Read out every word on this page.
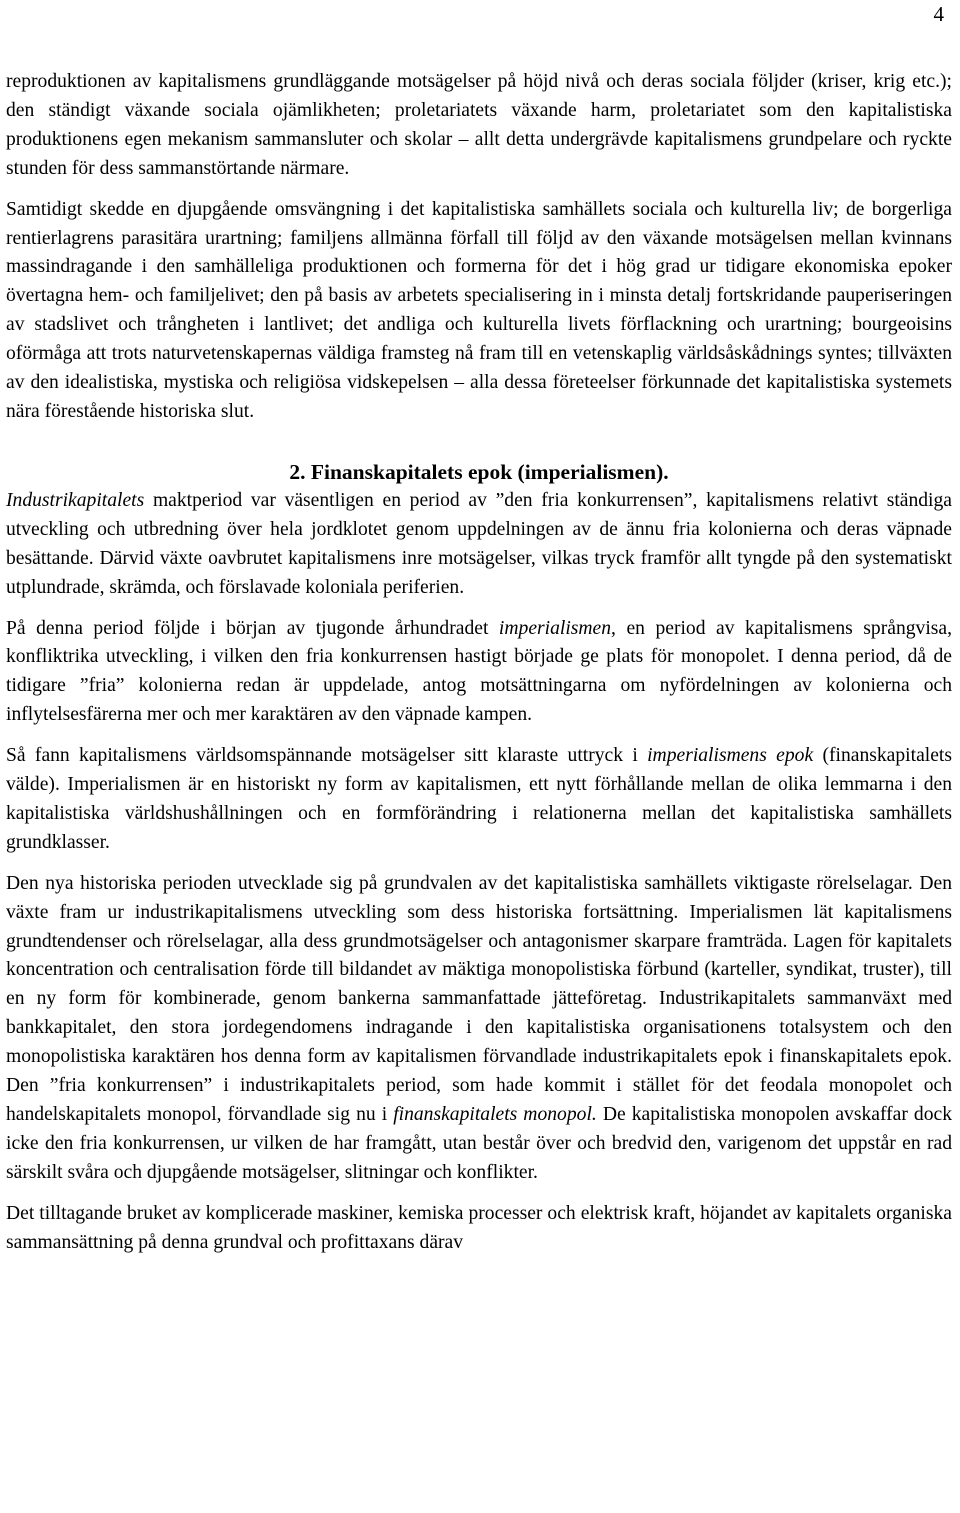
4

reproduktionen av kapitalismens grundläggande motsägelser på höjd nivå och deras sociala följder (kriser, krig etc.); den ständigt växande sociala ojämlikheten; proletariatets växande harm, proletariatet som den kapitalistiska produktionens egen mekanism sammansluter och skolar – allt detta undergrävde kapitalismens grundpelare och ryckte stunden för dess sammanstörtande närmare.

Samtidigt skedde en djupgående omsvängning i det kapitalistiska samhällets sociala och kulturella liv; de borgerliga rentierlagrens parasitära urartning; familjens allmänna förfall till följd av den växande motsägelsen mellan kvinnans massindragande i den samhälleliga produktionen och formerna för det i hög grad ur tidigare ekonomiska epoker övertagna hem- och familjelivet; den på basis av arbetets specialisering in i minsta detalj fortskridande pauperiseringen av stadslivet och trångheten i lantlivet; det andliga och kulturella livets förflackning och urartning; bourgeoisins oförmåga att trots naturvetenskapernas väldiga framsteg nå fram till en vetenskaplig världsåskådnings syntes; tillväxten av den idealistiska, mystiska och religiösa vidskepelsen – alla dessa företeelser förkunnade det kapitalistiska systemets nära förestående historiska slut.

2. Finanskapitalets epok (imperialismen).

Industrikapitalets maktperiod var väsentligen en period av ”den fria konkurrensen”, kapitalismens relativt ständiga utveckling och utbredning över hela jordklotet genom uppdelningen av de ännu fria kolonierna och deras väpnade besättande. Därvid växte oavbrutet kapitalismens inre motsägelser, vilkas tryck framför allt tyngde på den systematiskt utplundrade, skrämda, och förslavade koloniala periferien.

På denna period följde i början av tjugonde århundradet imperialismen, en period av kapitalismens språngvisa, konfliktrika utveckling, i vilken den fria konkurrensen hastigt började ge plats för monopolet. I denna period, då de tidigare ”fria” kolonierna redan är uppdelade, antog motsättningarna om nyfördelningen av kolonierna och inflytelsesfärerna mer och mer karaktären av den väpnade kampen.

Så fann kapitalismens världsomspännande motsägelser sitt klaraste uttryck i imperialismens epok (finanskapitalets välde). Imperialismen är en historiskt ny form av kapitalismen, ett nytt förhållande mellan de olika lemmarna i den kapitalistiska världshushållningen och en formförändring i relationerna mellan det kapitalistiska samhällets grundklasser.

Den nya historiska perioden utvecklade sig på grundvalen av det kapitalistiska samhällets viktigaste rörelselagar. Den växte fram ur industrikapitalismens utveckling som dess historiska fortsättning. Imperialismen lät kapitalismens grundtendenser och rörelselagar, alla dess grundmotsägelser och antagonismer skarpare framträda. Lagen för kapitalets koncentration och centralisation förde till bildandet av mäktiga monopolistiska förbund (karteller, syndikat, truster), till en ny form för kombinerade, genom bankerna sammanfattade jätteföretag. Industrikapitalets sammanväxt med bankkapitalet, den stora jordegendomens indragande i den kapitalistiska organisationens totalsystem och den monopolistiska karaktären hos denna form av kapitalismen förvandlade industrikapitalets epok i finanskapitalets epok. Den ”fria konkurrensen” i industrikapitalets period, som hade kommit i stället för det feodala monopolet och handelskapitalets monopol, förvandlade sig nu i finanskapitalets monopol. De kapitalistiska monopolen avskaffar dock icke den fria konkurrensen, ur vilken de har framgått, utan består över och bredvid den, varigenom det uppstår en rad särskilt svåra och djupgående motsägelser, slitningar och konflikter.

Det tilltagande bruket av komplicerade maskiner, kemiska processer och elektrisk kraft, höjandet av kapitalets organiska sammansättning på denna grundval och profittaxans därav
